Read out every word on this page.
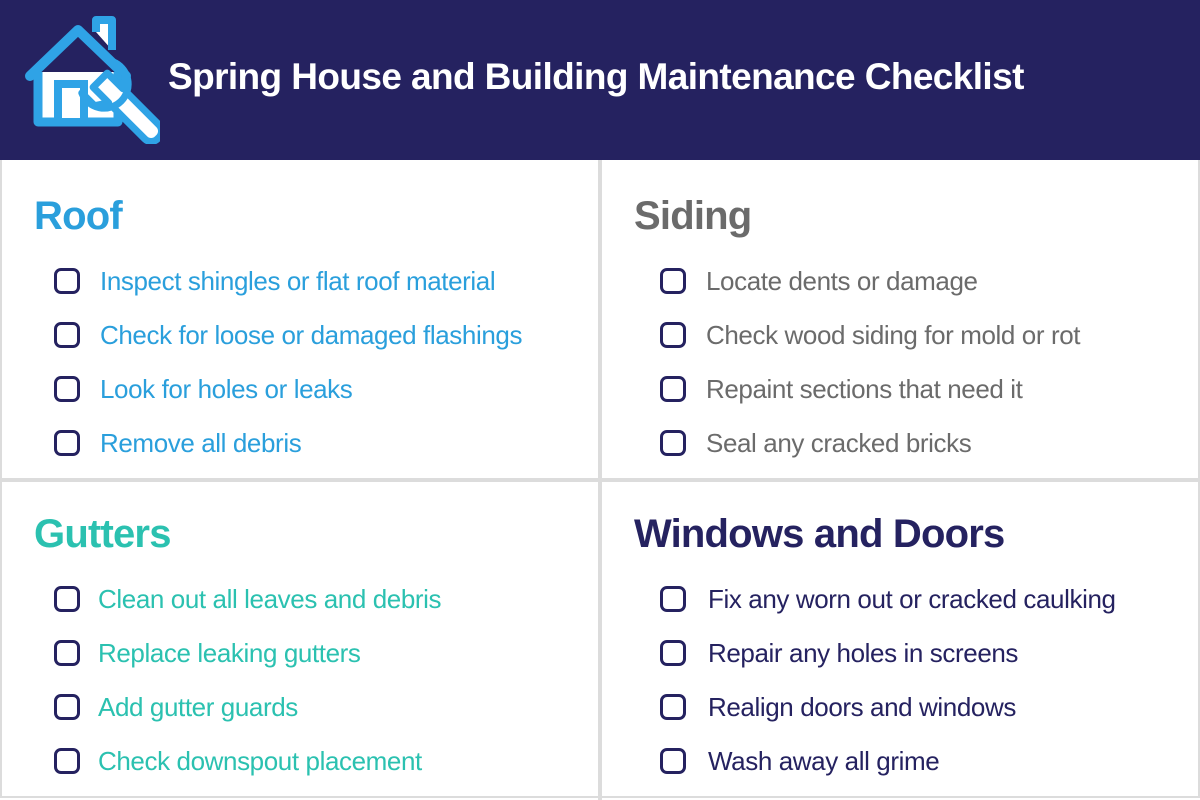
Spring House and Building Maintenance Checklist
Roof
Inspect shingles or flat roof material
Check for loose or damaged flashings
Look for holes or leaks
Remove all debris
Siding
Locate dents or damage
Check wood siding for mold or rot
Repaint sections that need it
Seal any cracked bricks
Gutters
Clean out all leaves and debris
Replace leaking gutters
Add gutter guards
Check downspout placement
Windows and Doors
Fix any worn out or cracked caulking
Repair any holes in screens
Realign doors and windows
Wash away all grime
